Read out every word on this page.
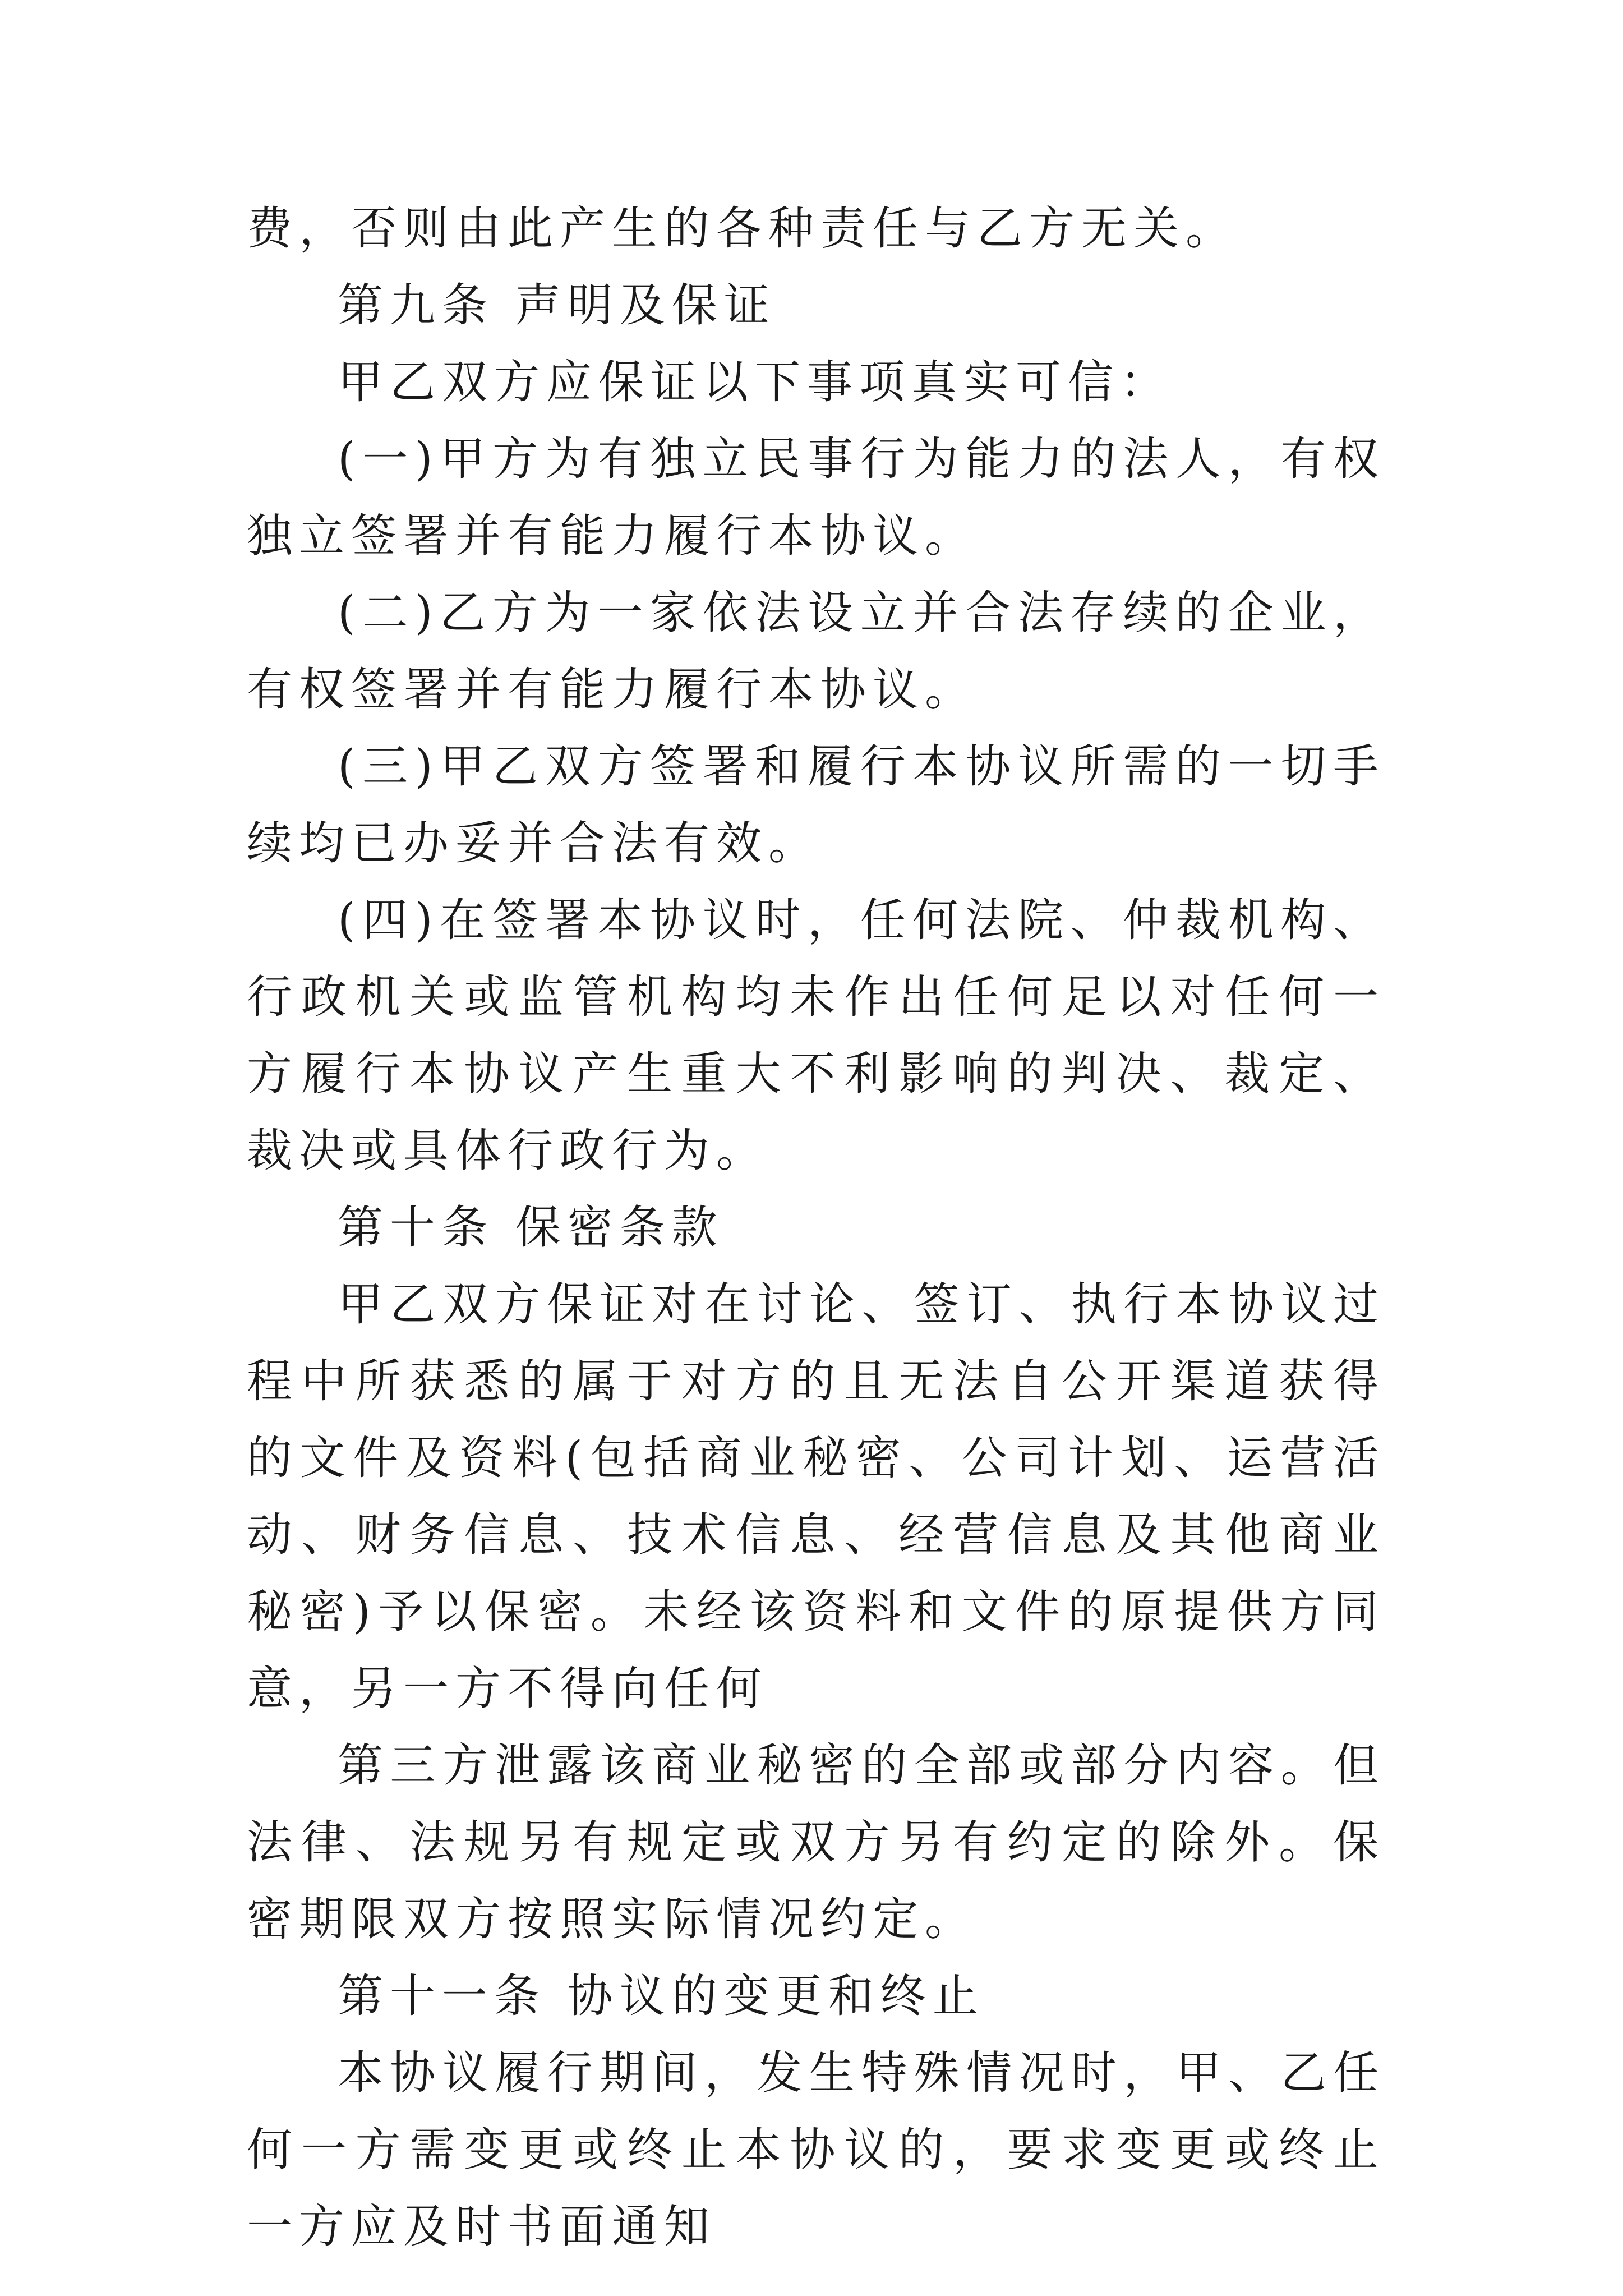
费，否则由此产生的各种责任与乙方无关。

第九条 声明及保证

甲乙双方应保证以下事项真实可信：

(一)甲方为有独立民事行为能力的法人，有权独立签署并有能力履行本协议。

(二)乙方为一家依法设立并合法存续的企业，有权签署并有能力履行本协议。

(三)甲乙双方签署和履行本协议所需的一切手续均已办妥并合法有效。

(四)在签署本协议时，任何法院、仲裁机构、行政机关或监管机构均未作出任何足以对任何一方履行本协议产生重大不利影响的判决、裁定、裁决或具体行政行为。

第十条 保密条款

甲乙双方保证对在讨论、签订、执行本协议过程中所获悉的属于对方的且无法自公开渠道获得的文件及资料(包括商业秘密、公司计划、运营活动、财务信息、技术信息、经营信息及其他商业秘密)予以保密。未经该资料和文件的原提供方同意，另一方不得向任何

第三方泄露该商业秘密的全部或部分内容。但法律、法规另有规定或双方另有约定的除外。保密期限双方按照实际情况约定。

第十一条 协议的变更和终止

本协议履行期间，发生特殊情况时，甲、乙任何一方需变更或终止本协议的，要求变更或终止一方应及时书面通知
